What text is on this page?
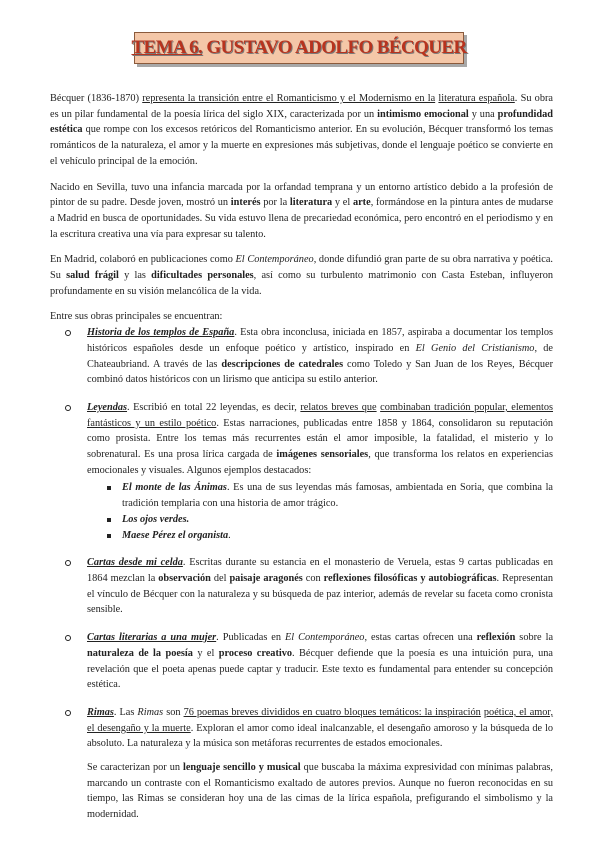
TEMA 6. GUSTAVO ADOLFO BÉCQUER

Bécquer (1836-1870) representa la transición entre el Romanticismo y el Modernismo en la literatura española. Su obra es un pilar fundamental de la poesía lírica del siglo XIX, caracterizada por un intimismo emocional y una profundidad estética que rompe con los excesos retóricos del Romanticismo anterior. En su evolución, Bécquer transformó los temas románticos de la naturaleza, el amor y la muerte en expresiones más subjetivas, donde el lenguaje poético se convierte en el vehículo principal de la emoción.

Nacido en Sevilla, tuvo una infancia marcada por la orfandad temprana y un entorno artístico debido a la profesión de pintor de su padre. Desde joven, mostró un interés por la literatura y el arte, formándose en la pintura antes de mudarse a Madrid en busca de oportunidades. Su vida estuvo llena de precariedad económica, pero encontró en el periodismo y en la escritura creativa una vía para expresar su talento.

En Madrid, colaboró en publicaciones como El Contemporáneo, donde difundió gran parte de su obra narrativa y poética. Su salud frágil y las dificultades personales, así como su turbulento matrimonio con Casta Esteban, influyeron profundamente en su visión melancólica de la vida.

Entre sus obras principales se encuentran:

Historia de los templos de España. Esta obra inconclusa, iniciada en 1857, aspiraba a documentar los templos históricos españoles desde un enfoque poético y artístico, inspirado en El Genio del Cristianismo, de Chateaubriand. A través de las descripciones de catedrales como Toledo y San Juan de los Reyes, Bécquer combinó datos históricos con un lirismo que anticipa su estilo anterior.
Leyendas. Escribió en total 22 leyendas, es decir, relatos breves que combinaban tradición popular, elementos fantásticos y un estilo poético. Estas narraciones, publicadas entre 1858 y 1864, consolidaron su reputación como prosista. Entre los temas más recurrentes están el amor imposible, la fatalidad, el misterio y lo sobrenatural. Es una prosa lírica cargada de imágenes sensoriales, que transforma los relatos en experiencias emocionales y visuales. Algunos ejemplos destacados:
El monte de las Ánimas. Es una de sus leyendas más famosas, ambientada en Soria, que combina la tradición templaria con una historia de amor trágico.
Los ojos verdes.
Maese Pérez el organista.
Cartas desde mi celda. Escritas durante su estancia en el monasterio de Veruela, estas 9 cartas publicadas en 1864 mezclan la observación del paisaje aragonés con reflexiones filosóficas y autobiográficas. Representan el vínculo de Bécquer con la naturaleza y su búsqueda de paz interior, además de revelar su faceta como cronista sensible.
Cartas literarias a una mujer. Publicadas en El Contemporáneo, estas cartas ofrecen una reflexión sobre la naturaleza de la poesía y el proceso creativo. Bécquer defiende que la poesía es una intuición pura, una revelación que el poeta apenas puede captar y traducir. Este texto es fundamental para entender su concepción estética.
Rimas. Las Rimas son 76 poemas breves divididos en cuatro bloques temáticos: la inspiración poética, el amor, el desengaño y la muerte. Exploran el amor como ideal inalcanzable, el desengaño amoroso y la búsqueda de lo absoluto. La naturaleza y la música son metáforas recurrentes de estados emocionales.

Se caracterizan por un lenguaje sencillo y musical que buscaba la máxima expresividad con mínimas palabras, marcando un contraste con el Romanticismo exaltado de autores previos. Aunque no fueron reconocidas en su tiempo, las Rimas se consideran hoy una de las cimas de la lírica española, prefigurando el simbolismo y la modernidad.
